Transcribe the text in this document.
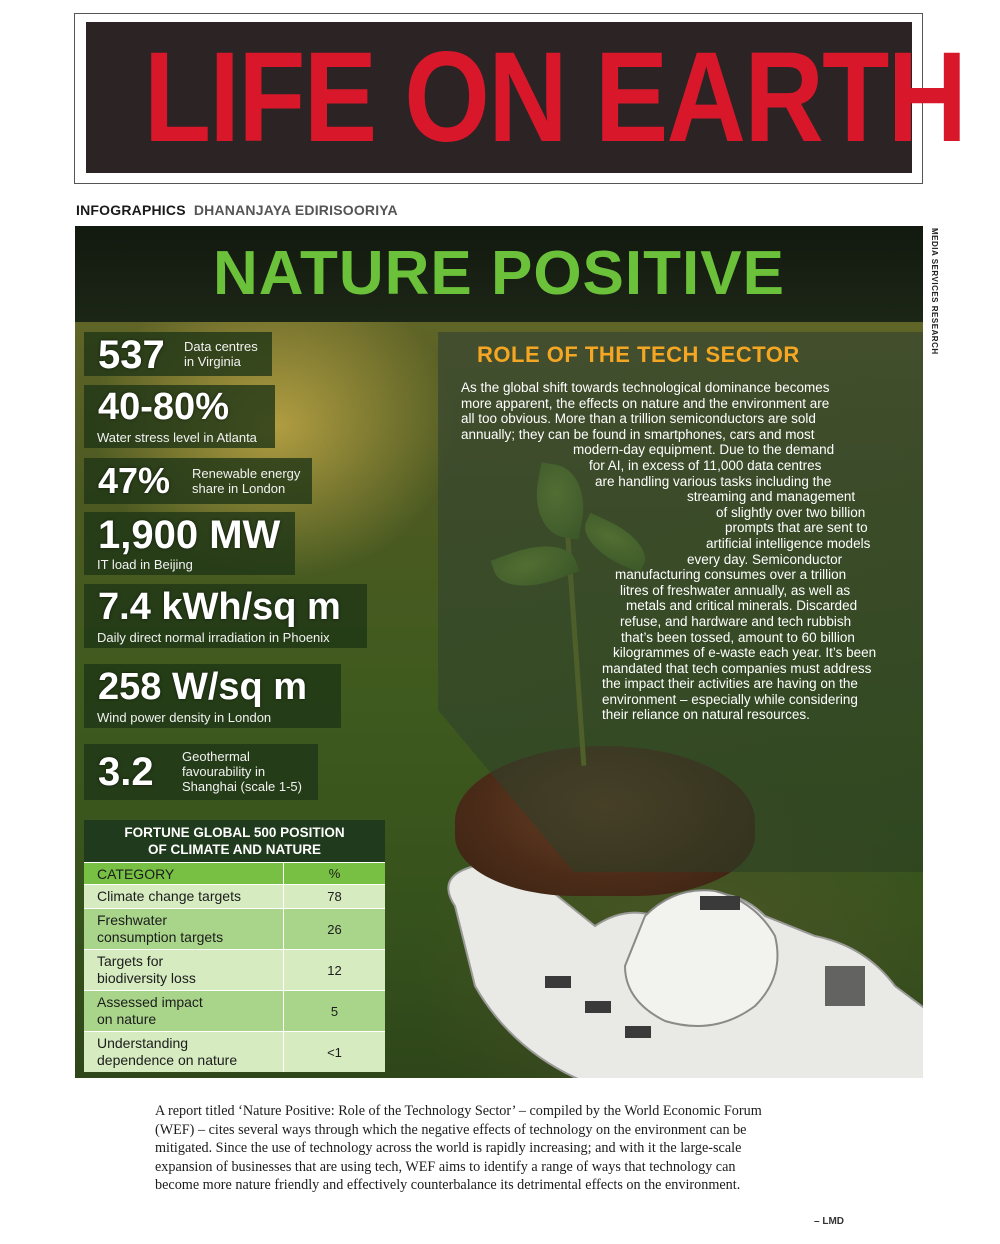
LIFE ON EARTH
INFOGRAPHICS DHANANJAYA EDIRISOORIYA
MEDIA SERVICES RESEARCH
NATURE POSITIVE
ROLE OF THE TECH SECTOR
As the global shift towards technological dominance becomes
more apparent, the effects on nature and the environment are
all too obvious. More than a trillion semiconductors are sold
annually; they can be found in smartphones, cars and most
modern-day equipment. Due to the demand
for AI, in excess of 11,000 data centres
are handling various tasks including the
streaming and management
of slightly over two billion
prompts that are sent to
artificial intelligence models
every day. Semiconductor
manufacturing consumes over a trillion
litres of freshwater annually, as well as
metals and critical minerals. Discarded
refuse, and hardware and tech rubbish
that’s been tossed, amount to 60 billion
kilogrammes of e-waste each year. It’s been
mandated that tech companies must address
the impact their activities are having on the
environment – especially while considering
their reliance on natural resources.
537 Data centres in Virginia
40-80%
Water stress level in Atlanta
47% Renewable energy share in London
1,900 MW
IT load in Beijing
7.4 kWh/sq m
Daily direct normal irradiation in Phoenix
258 W/sq m
Wind power density in London
3.2 Geothermal favourability in Shanghai (scale 1-5)
FORTUNE GLOBAL 500 POSITION
OF CLIMATE AND NATURE
CATEGORY	%
Climate change targets	78
Freshwater
consumption targets	26
Targets for
biodiversity loss	12
Assessed impact
on nature	5
Understanding
dependence on nature	<1
A report titled ‘Nature Positive: Role of the Technology Sector’ – compiled by the World Economic Forum
(WEF) – cites several ways through which the negative effects of technology on the environment can be
mitigated. Since the use of technology across the world is rapidly increasing; and with it the large-scale
expansion of businesses that are using tech, WEF aims to identify a range of ways that technology can
become more nature friendly and effectively counterbalance its detrimental effects on the environment.
– LMD
